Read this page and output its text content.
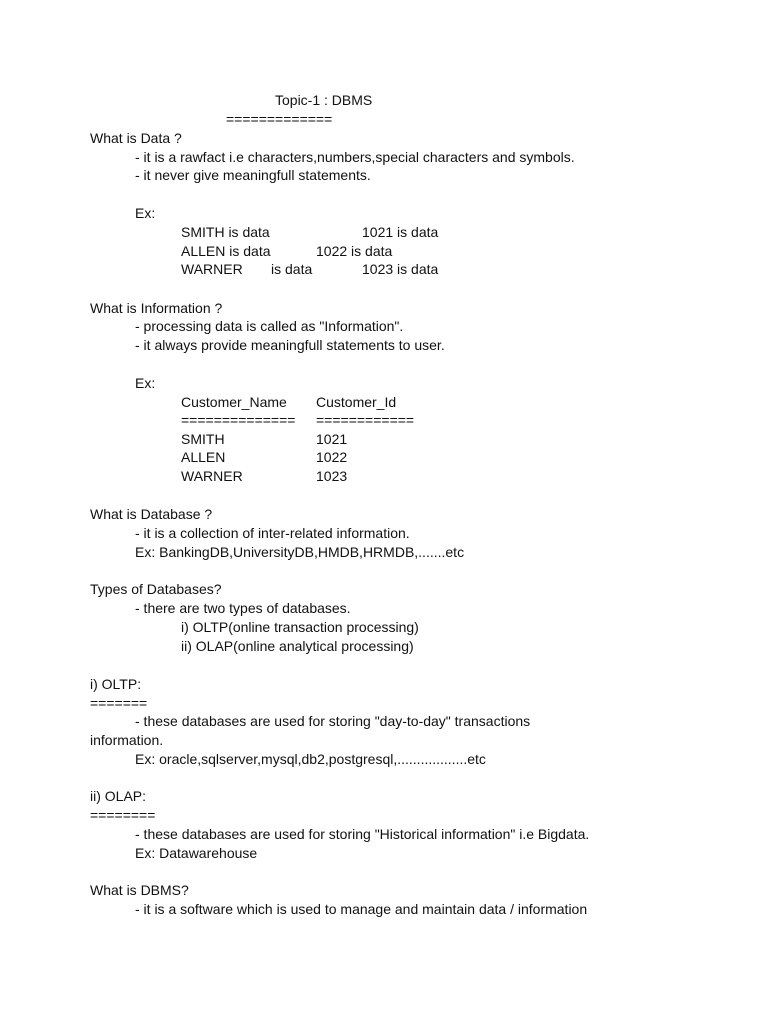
Topic-1 : DBMS
=============
What is Data ?
- it is a rawfact i.e characters,numbers,special characters and symbols.
- it never give meaningfull statements.
Ex:
SMITH is data	1021 is data
ALLEN is data	1022 is data
WARNER is data	1023 is data
What is Information ?
- processing data is called as "Information".
- it always provide meaningfull statements to user.
Ex:
Customer_Name Customer_Id
============== ============
SMITH	1021
ALLEN	1022
WARNER	1023
What is Database ?
- it is a collection of inter-related information.
Ex: BankingDB,UniversityDB,HMDB,HRMDB,.......etc
Types of Databases?
- there are two types of databases.
i) OLTP(online transaction processing)
ii) OLAP(online analytical processing)
i) OLTP:
=======
- these databases are used for storing "day-to-day" transactions
information.
Ex: oracle,sqlserver,mysql,db2,postgresql,..................etc
ii) OLAP:
========
- these databases are used for storing "Historical information" i.e Bigdata.
Ex: Datawarehouse
What is DBMS?
- it is a software which is used to manage and maintain data / information
